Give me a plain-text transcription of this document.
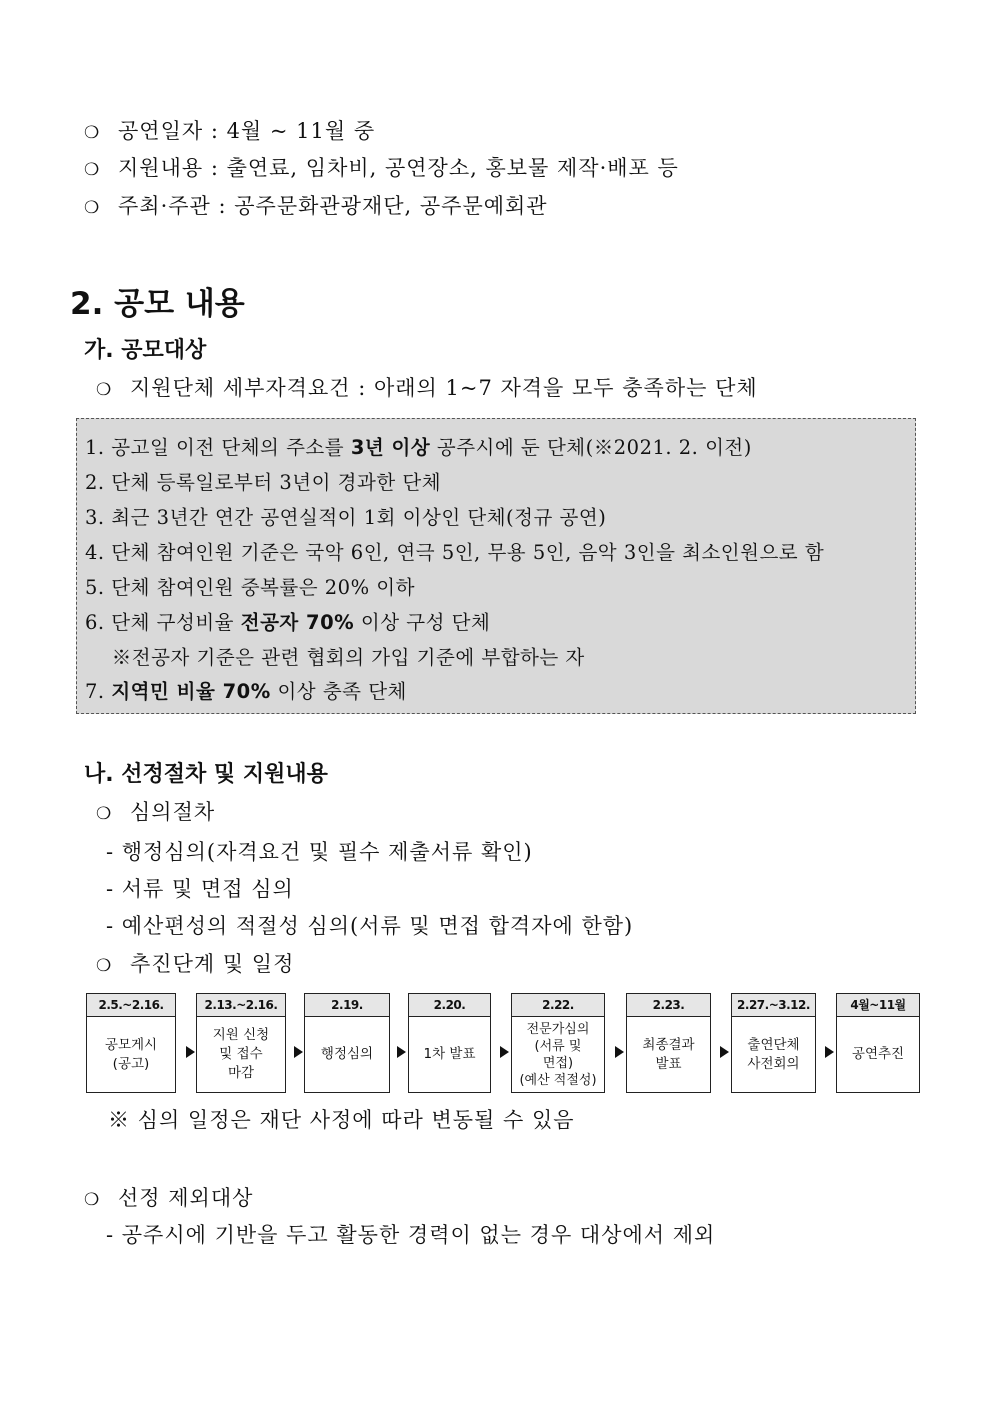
❍ 공연일자 : 4월 ~ 11월 중
❍ 지원내용 : 출연료, 임차비, 공연장소, 홍보물 제작·배포 등
❍ 주최·주관 : 공주문화관광재단, 공주문예회관
2. 공모 내용
가. 공모대상
❍ 지원단체 세부자격요건 : 아래의 1~7 자격을 모두 충족하는 단체
1. 공고일 이전 단체의 주소를 3년 이상 공주시에 둔 단체(※2021. 2. 이전)
2. 단체 등록일로부터 3년이 경과한 단체
3. 최근 3년간 연간 공연실적이 1회 이상인 단체(정규 공연)
4. 단체 참여인원 기준은 국악 6인, 연극 5인, 무용 5인, 음악 3인을 최소인원으로 함
5. 단체 참여인원 중복률은 20% 이하
6. 단체 구성비율 전공자 70% 이상 구성 단체
※전공자 기준은 관련 협회의 가입 기준에 부합하는 자
7. 지역민 비율 70% 이상 충족 단체
나. 선정절차 및 지원내용
❍ 심의절차
- 행정심의(자격요건 및 필수 제출서류 확인)
- 서류 및 면접 심의
- 예산편성의 적절성 심의(서류 및 면접 합격자에 한함)
❍ 추진단계 및 일정
2.5.~2.16.
공모게시
(공고)
2.13.~2.16.
지원 신청
및 접수
마감
2.19.
행정심의
2.20.
1차 발표
2.22.
전문가심의
(서류 및
면접)
(예산 적절성)
2.23.
최종결과
발표
2.27.~3.12.
출연단체
사전회의
4월~11월
공연추진
※ 심의 일정은 재단 사정에 따라 변동될 수 있음
❍ 선정 제외대상
- 공주시에 기반을 두고 활동한 경력이 없는 경우 대상에서 제외
